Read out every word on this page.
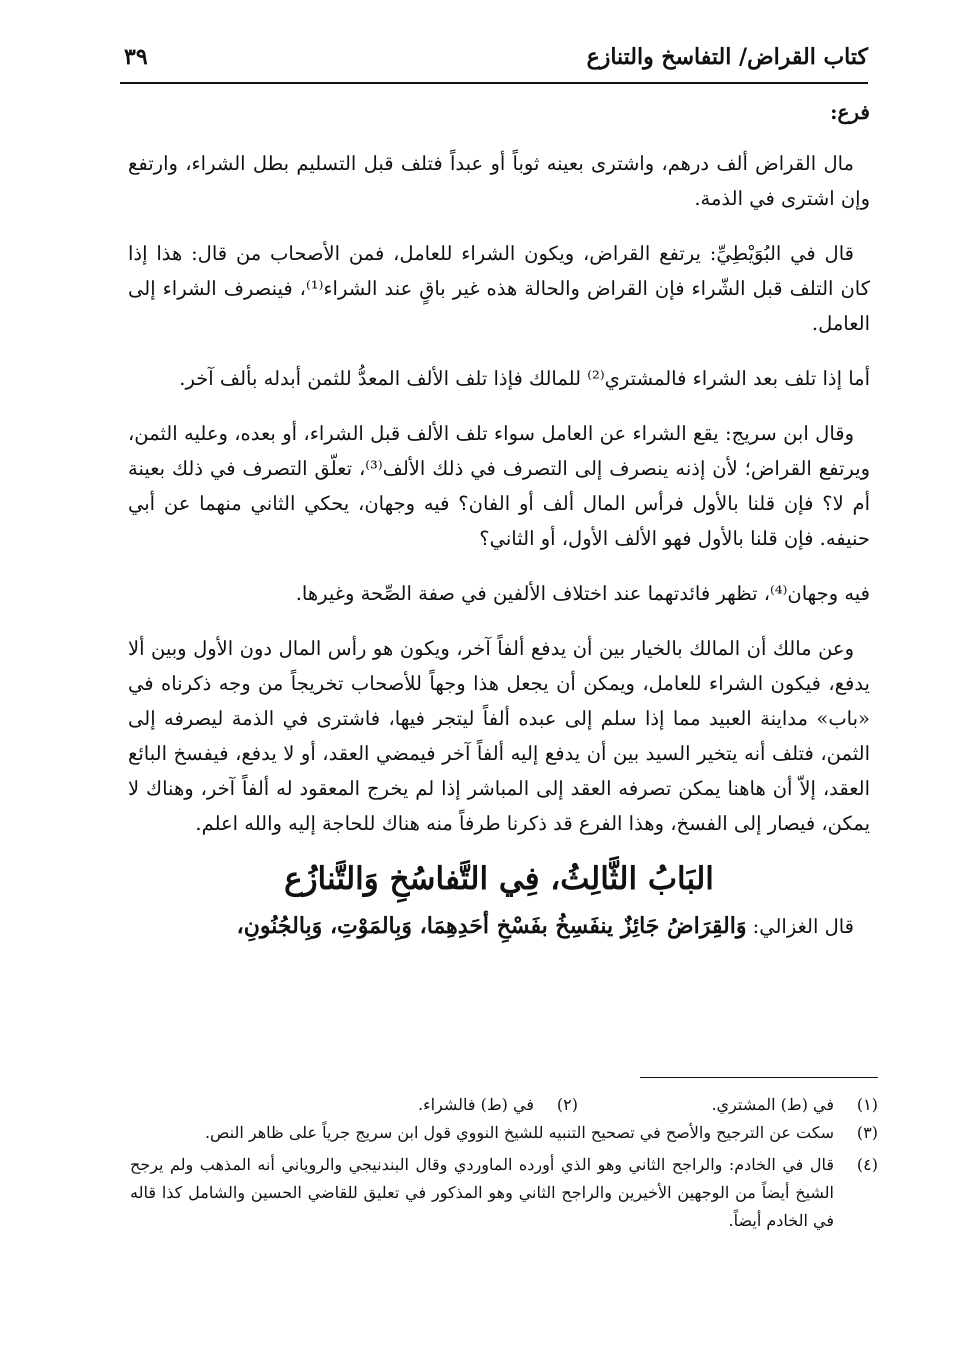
كتاب القراض/ التفاسخ والتنازع
٣٩
فرع:

مال القراض ألف درهم، واشترى بعينه ثوباً أو عبداً فتلف قبل التسليم بطل الشراء، وارتفع وإن اشترى في الذمة.

قال في البُوَيْطِيِّ: يرتفع القراض، ويكون الشراء للعامل، فمن الأصحاب من قال: هذا إذا كان التلف قبل الشّراء فإن القراض والحالة هذه غير باقٍ عند الشراء⁽¹⁾، فينصرف الشراء إلى العامل.

أما إذا تلف بعد الشراء فالمشتري⁽²⁾ للمالك فإذا تلف الألف المعدُّ للثمن أبدله بألف آخر.

وقال ابن سريج: يقع الشراء عن العامل سواء تلف الألف قبل الشراء، أو بعده، وعليه الثمن، ويرتفع القراض؛ لأن إذنه ينصرف إلى التصرف في ذلك الألف⁽³⁾، تعلّق التصرف في ذلك بعينة أم لا؟ فإن قلنا بالأول فرأس المال ألف أو الفان؟ فيه وجهان، يحكي الثاني منهما عن أبي حنيفه. فإن قلنا بالأول فهو الألف الأول، أو الثاني؟

فيه وجهان⁽⁴⁾، تظهر فائدتهما عند اختلاف الألفين في صفة الصِّحة وغيرها.

وعن مالك أن المالك بالخيار بين أن يدفع ألفاً آخر، ويكون هو رأس المال دون الأول وبين ألا يدفع، فيكون الشراء للعامل، ويمكن أن يجعل هذا وجهاً للأصحاب تخريجاً من وجه ذكرناه في «باب» مداينة العبيد مما إذا سلم إلى عبده ألفاً ليتجر فيها، فاشترى في الذمة ليصرفه إلى الثمن، فتلف أنه يتخير السيد بين أن يدفع إليه ألفاً آخر فيمضي العقد، أو لا يدفع، فيفسخ البائع العقد، إلاّ أن هاهنا يمكن تصرفه العقد إلى المباشر إذا لم يخرج المعقود له ألفاً آخر، وهناك لا يمكن، فيصار إلى الفسخ، وهذا الفرع قد ذكرنا طرفاً منه هناك للحاجة إليه والله اعلم.

البَابُ الثَّالِثُ، فِي التَّفاسُخِ وَالتَّنازُع

قال الغزالي: وَالقِرَاضُ جَائِزٌ ينفَسِخُ بفَسْخِ أحَدِهِمَا، وَبِالمَوْتِ، وَبِالجُنُونِ،

(١)
في (ط) المشتري.
(٢)
في (ط) فالشراء.
(٣)
سكت عن الترجيح والأصح في تصحيح التنبيه للشيخ النووي قول ابن سريج جرياً على ظاهر النص.
(٤)
قال في الخادم: والراجح الثاني وهو الذي أورده الماوردي وقال البندنيجي والروياني أنه المذهب ولم يرجح الشيخ أيضاً من الوجهين الأخيرين والراجح الثاني وهو المذكور في تعليق للقاضي الحسين والشامل كذا قاله في الخادم أيضاً.
